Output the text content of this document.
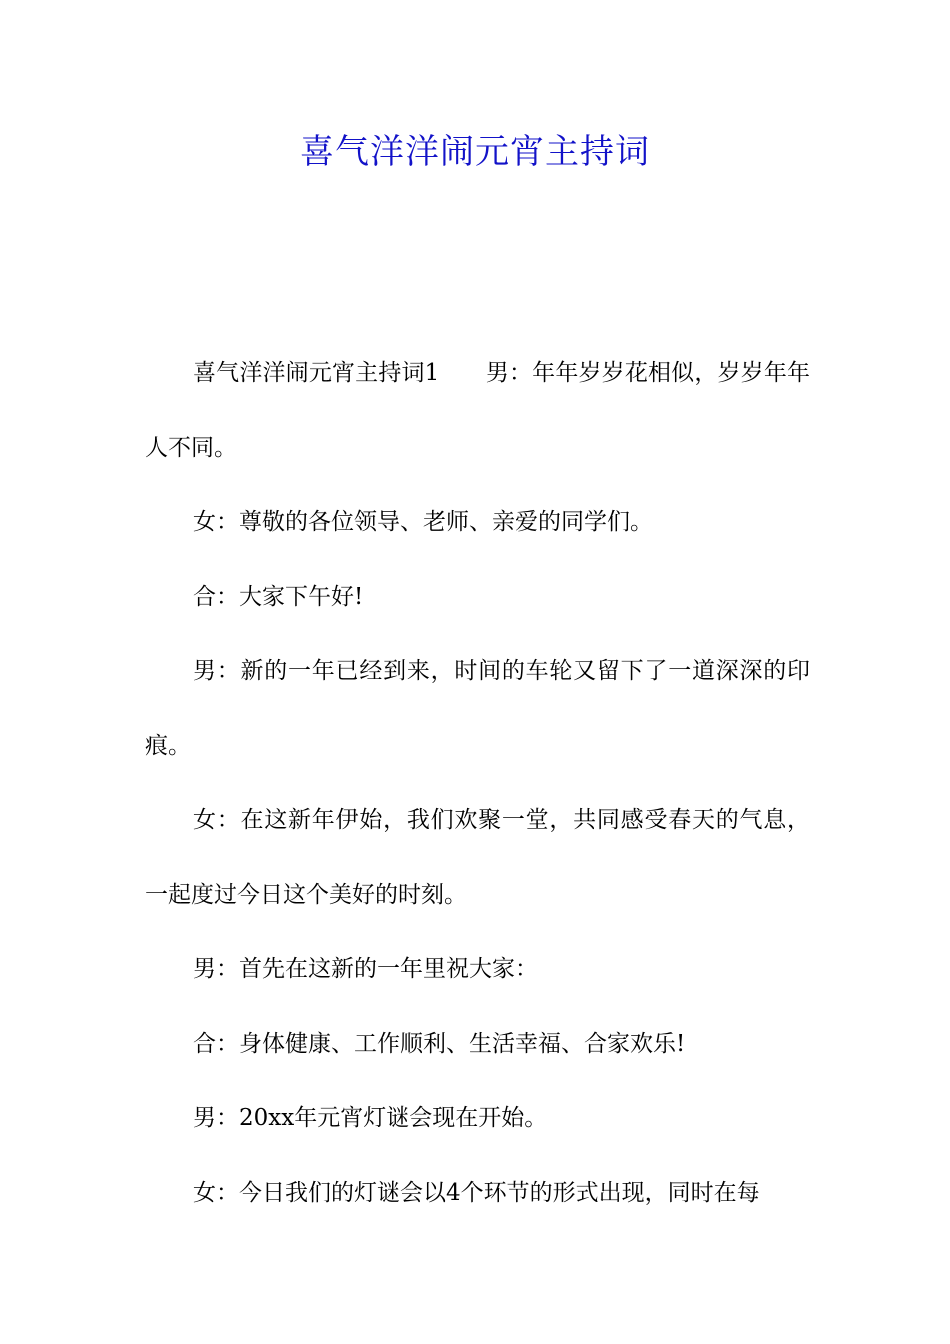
喜气洋洋闹元宵主持词

喜气洋洋闹元宵主持词1　　男：年年岁岁花相似，岁岁年年人不同。

女：尊敬的各位领导、老师、亲爱的同学们。

合：大家下午好!

男：新的一年已经到来，时间的车轮又留下了一道深深的印痕。

女：在这新年伊始，我们欢聚一堂，共同感受春天的气息，一起度过今日这个美好的时刻。

男：首先在这新的一年里祝大家：

合：身体健康、工作顺利、生活幸福、合家欢乐!

男：20xx年元宵灯谜会现在开始。

女：今日我们的灯谜会以4个环节的形式出现，同时在每
